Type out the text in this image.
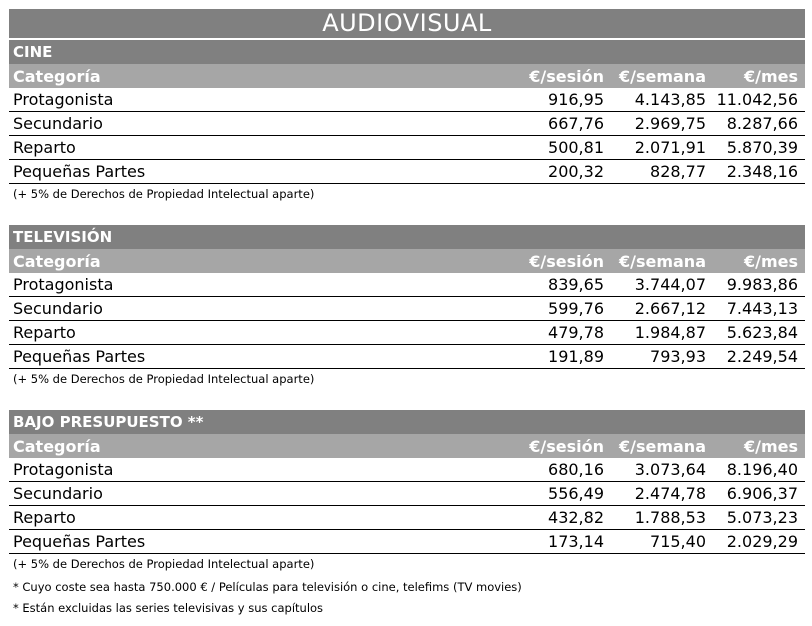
AUDIOVISUAL
CINE
Categoría	€/sesión €/semana	€/mes
Protagonista	916,95	4.143,85 11.042,56
Secundario	667,76	2.969,75	8.287,66
Reparto	500,81	2.071,91	5.870,39
Pequeñas Partes	200,32	828,77	2.348,16
(+ 5% de Derechos de Propiedad Intelectual aparte)
TELEVISIÓN
Categoría	€/sesión €/semana	€/mes
Protagonista	839,65	3.744,07	9.983,86
Secundario	599,76	2.667,12	7.443,13
Reparto	479,78	1.984,87	5.623,84
Pequeñas Partes	191,89	793,93	2.249,54
(+ 5% de Derechos de Propiedad Intelectual aparte)
BAJO PRESUPUESTO **
Categoría	€/sesión €/semana	€/mes
Protagonista	680,16	3.073,64	8.196,40
Secundario	556,49	2.474,78	6.906,37
Reparto	432,82	1.788,53	5.073,23
Pequeñas Partes	173,14	715,40	2.029,29
(+ 5% de Derechos de Propiedad Intelectual aparte)
* Cuyo coste sea hasta 750.000 € / Películas para televisión o cine, telefims (TV movies)
* Están excluidas las series televisivas y sus capítulos
